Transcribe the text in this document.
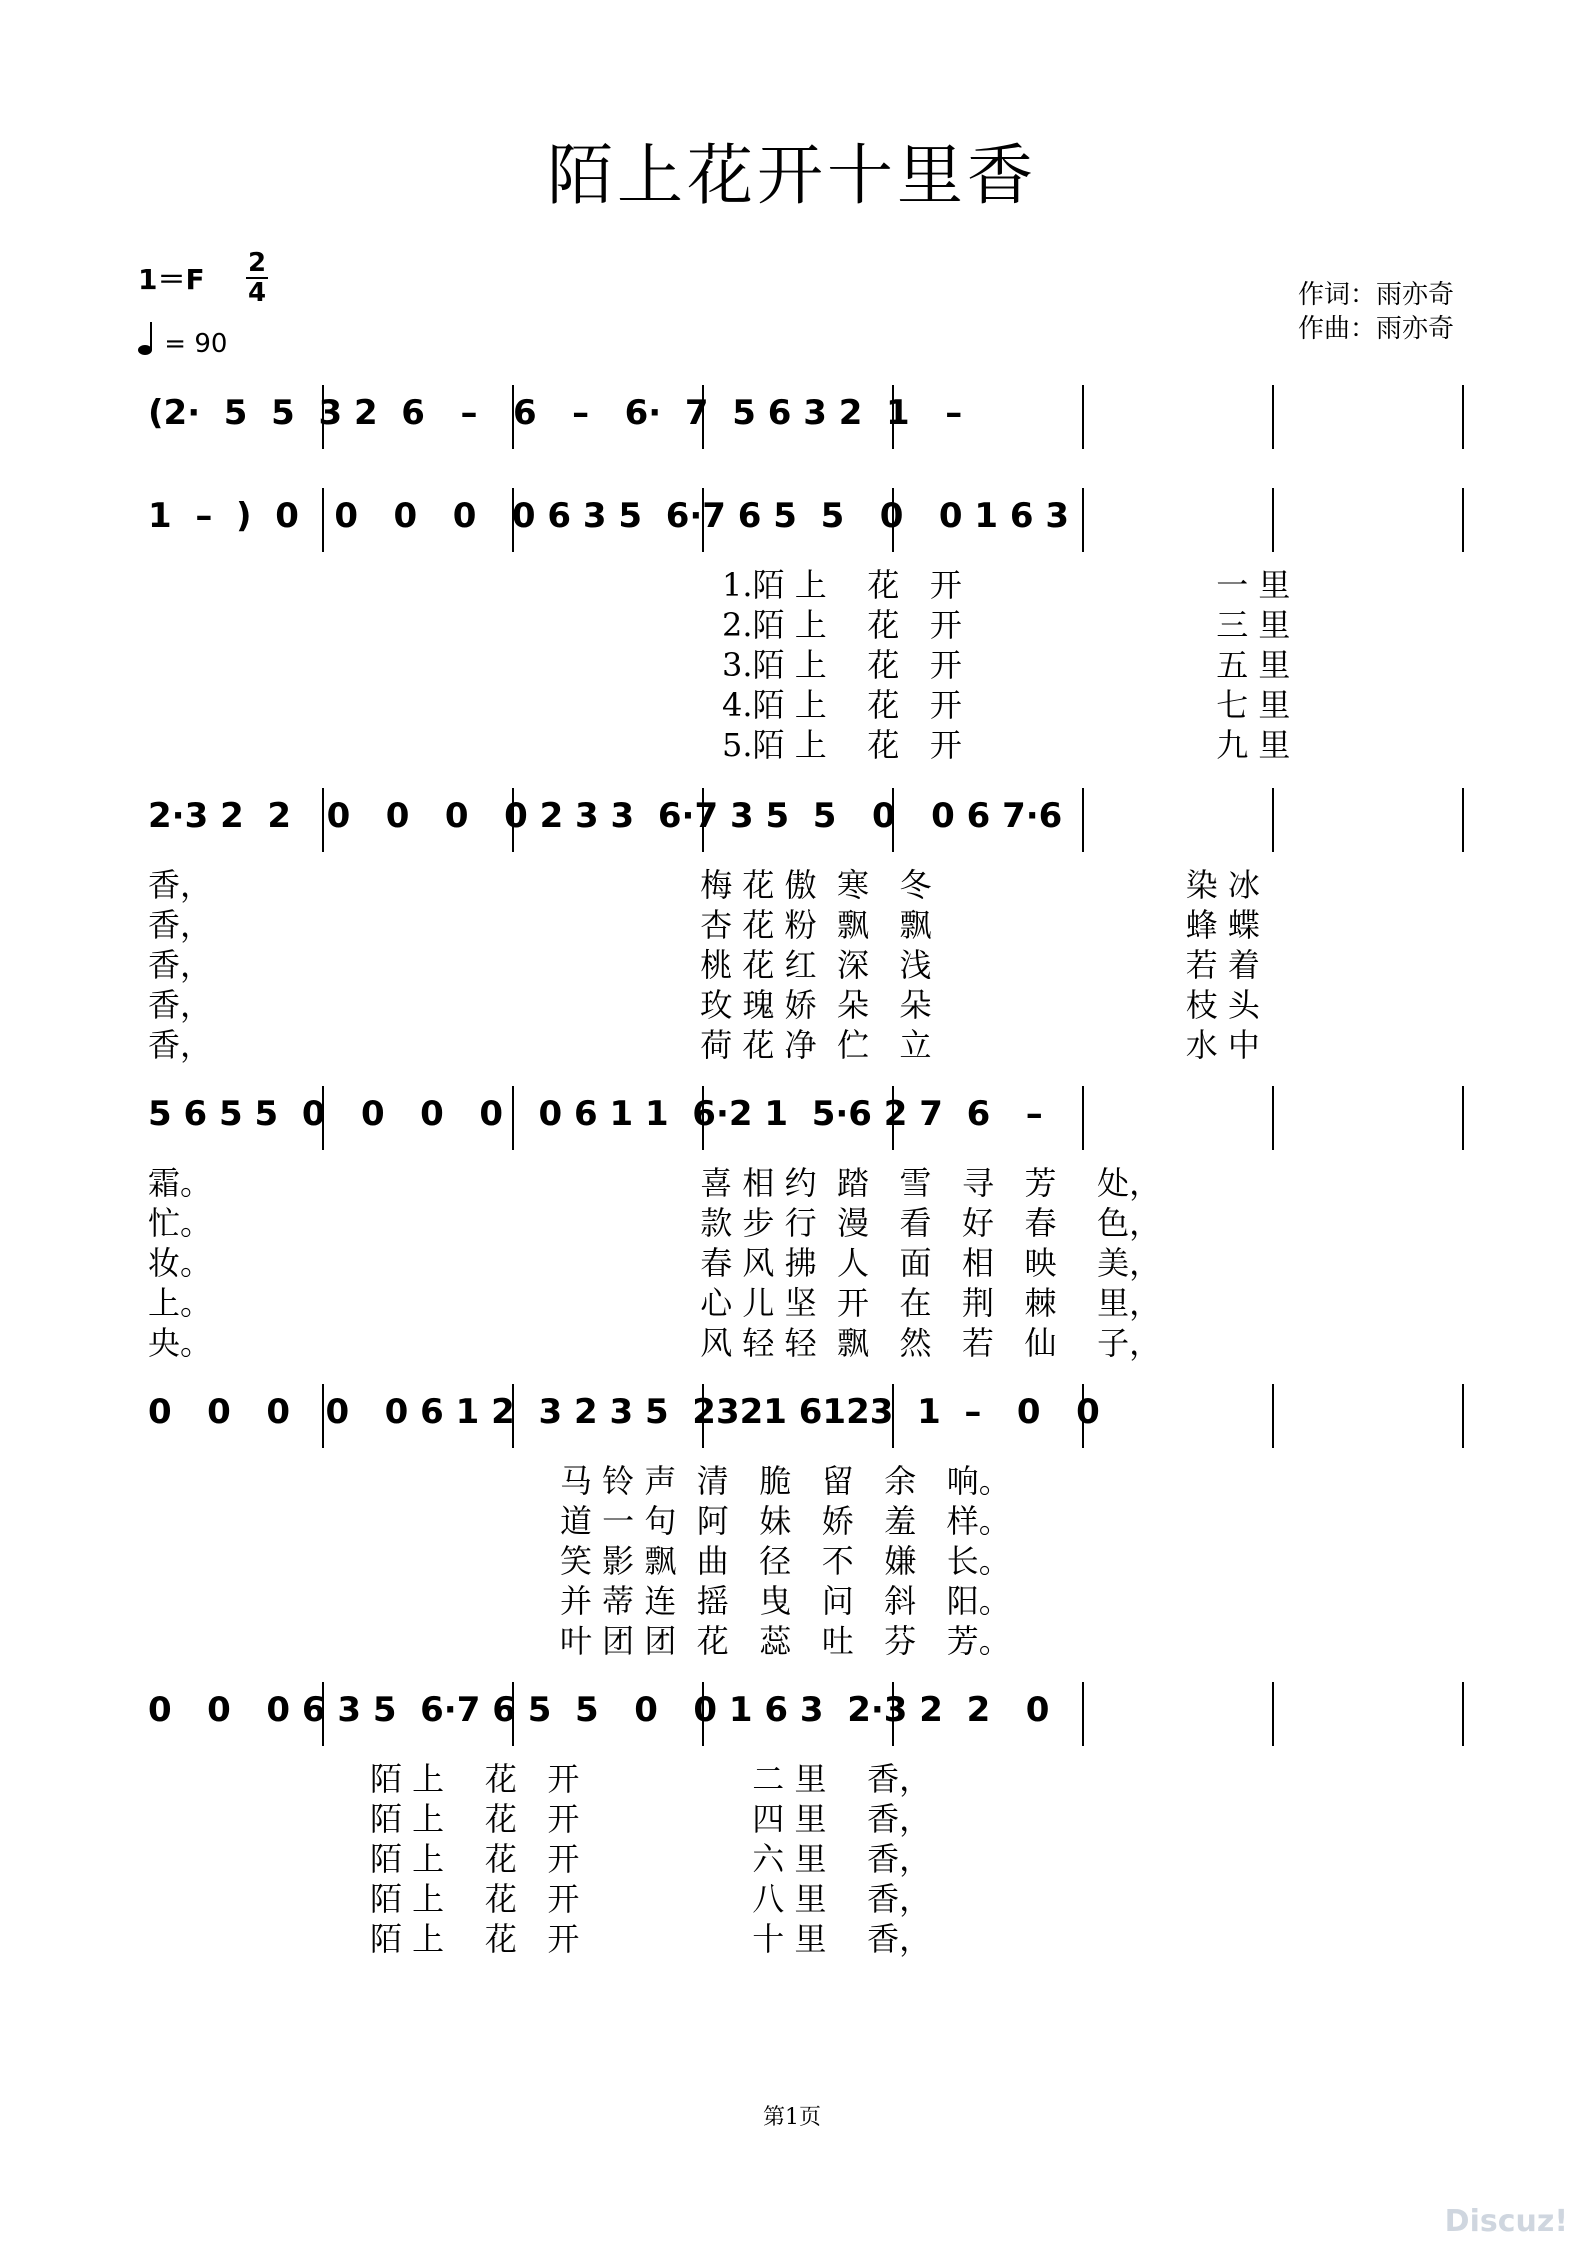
陌上花开十里香
1＝F 2
4
= 90
作词：雨亦奇
作曲：雨亦奇
(2·  5  5  3 2  6   –   6   –   6·  7  5 6 3 2  1   –
1  –  )  0   0   0   0   0 6 3 5  6·7 6 5  5   0   0 1 6 3
1.陌 上    花   开                         一 里
2.陌 上    花   开                         三 里
3.陌 上    花   开                         五 里
4.陌 上    花   开                         七 里
5.陌 上    花   开                         九 里
2·3 2  2   0   0   0   0 2 3 3  6·7 3 5  5   0   0 6 7·6
香，                                                梅 花 傲  寒   冬                         染 冰
香，                                                杏 花 粉  飘   飘                         蜂 蝶
香，                                                桃 花 红  深   浅                         若 着
香，                                                玫 瑰 娇  朵   朵                         枝 头
香，                                                荷 花 净  伫   立                         水 中
5 6 5 5  0   0   0   0   0 6 1 1  6·2 1  5·6 2 7  6   –
霜。                                                喜 相 约  踏   雪   寻   芳    处，
忙。                                                款 步 行  漫   看   好   春    色，
妆。                                                春 风 拂  人   面   相   映    美，
上。                                                心 儿 坚  开   在   荆   棘    里，
央。                                                风 轻 轻  飘   然   若   仙    子，
0   0   0   0   0 6 1 2  3 2 3 5  2321 6123  1  –   0   0
马 铃 声  清   脆   留   余   响。
道 一 句  阿   妹   娇   羞   样。
笑 影 飘  曲   径   不   嫌   长。
并 蒂 连  摇   曳   问   斜   阳。
叶 团 团  花   蕊   吐   芬   芳。
0   0   0 6 3 5  6·7 6 5  5   0   0 1 6 3  2·3 2  2   0
陌 上    花   开                 二 里    香，
陌 上    花   开                 四 里    香，
陌 上    花   开                 六 里    香，
陌 上    花   开                 八 里    香，
陌 上    花   开                 十 里    香，
第1页
Discuz!
